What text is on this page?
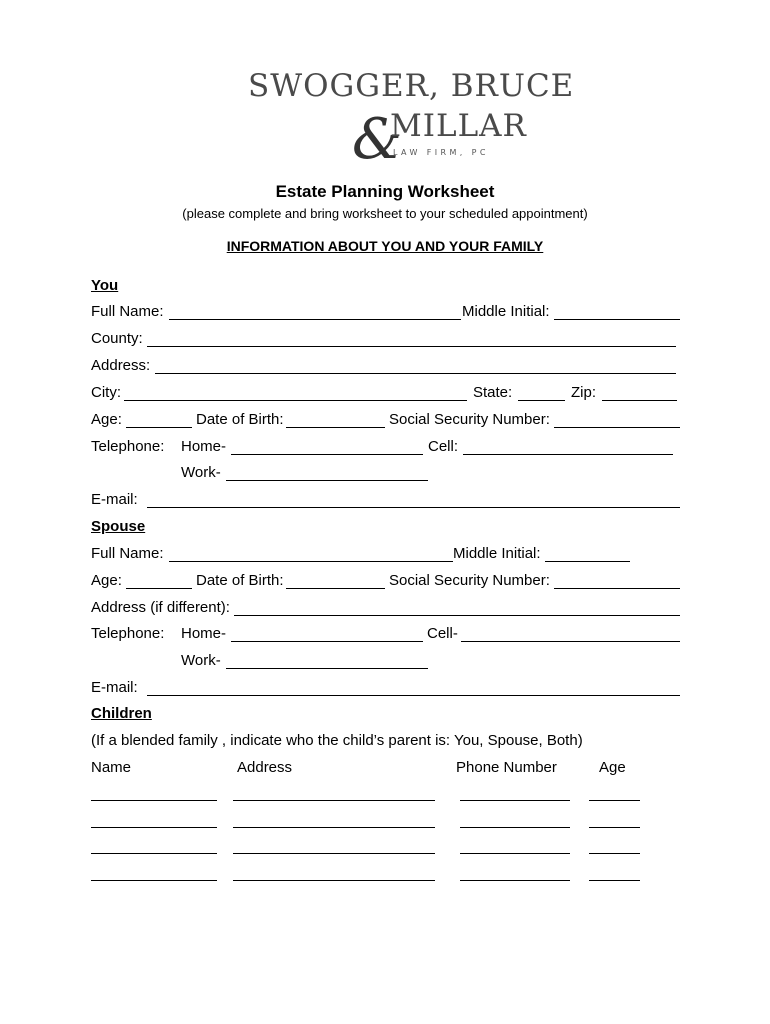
SWOGGER, BRUCE
&
MILLAR
LAW FIRM, PC
Estate Planning Worksheet
(please complete and bring worksheet to your scheduled appointment)
INFORMATION ABOUT YOU AND YOUR FAMILY
You
Full Name:	Middle Initial:
County:
Address:
City:	State:	Zip:
Age:	Date of Birth:	Social Security Number:
Telephone: Home-	Cell:
Work-
E-mail:
Spouse
Full Name:	Middle Initial:
Age:	Date of Birth:	Social Security Number:
Address (if different):
Telephone: Home-	Cell-
Work-
E-mail:
Children
(If a blended family , indicate who the child’s parent is: You, Spouse, Both)
Name	Address	Phone Number	Age
